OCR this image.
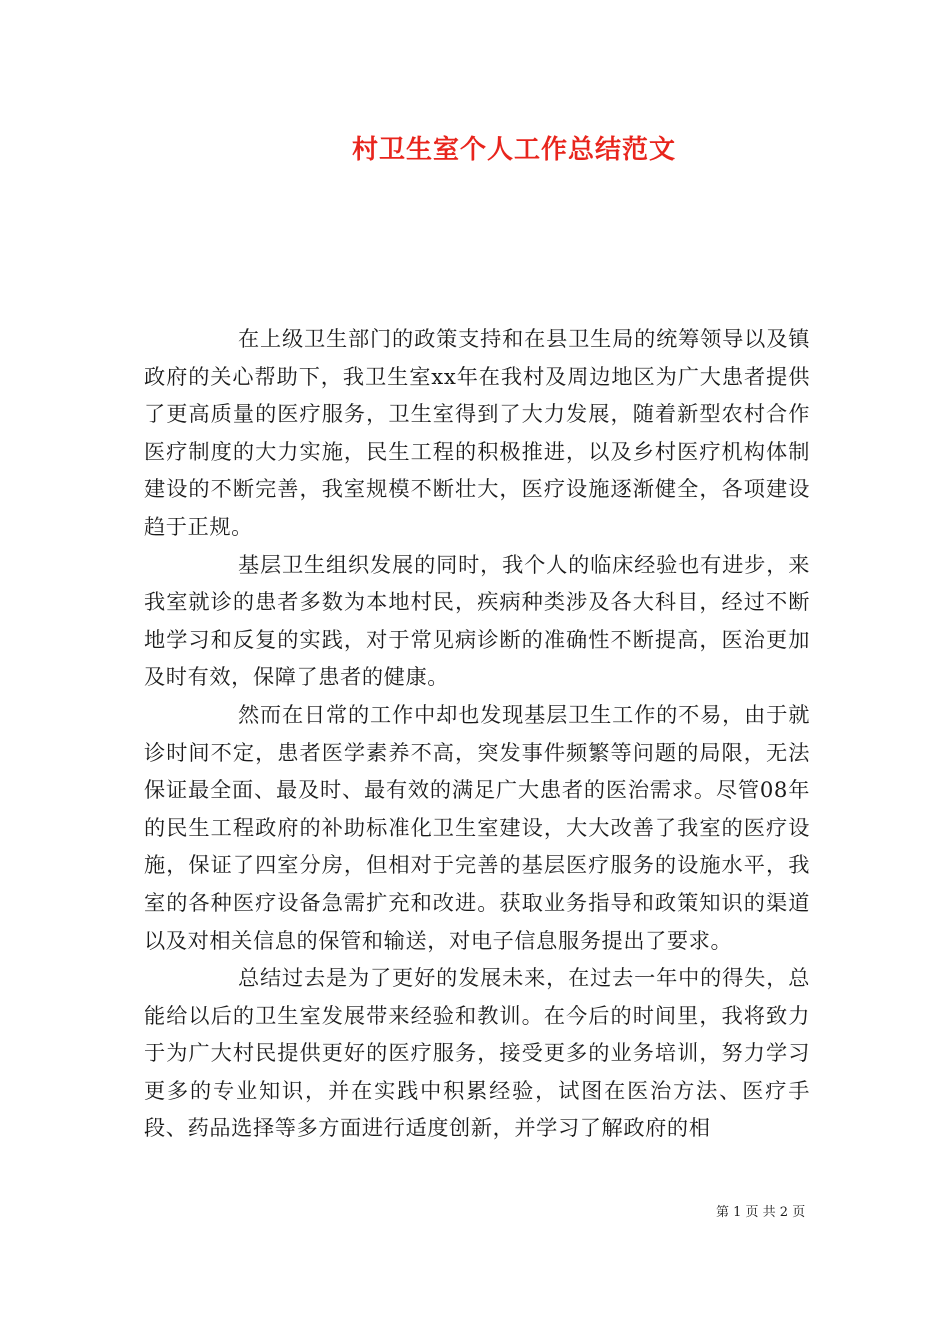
村卫生室个人工作总结范文

在上级卫生部门的政策支持和在县卫生局的统筹领导以及镇政府的关心帮助下，我卫生室xx年在我村及周边地区为广大患者提供了更高质量的医疗服务，卫生室得到了大力发展，随着新型农村合作医疗制度的大力实施，民生工程的积极推进，以及乡村医疗机构体制建设的不断完善，我室规模不断壮大，医疗设施逐渐健全，各项建设趋于正规。

基层卫生组织发展的同时，我个人的临床经验也有进步，来我室就诊的患者多数为本地村民，疾病种类涉及各大科目，经过不断地学习和反复的实践，对于常见病诊断的准确性不断提高，医治更加及时有效，保障了患者的健康。

然而在日常的工作中却也发现基层卫生工作的不易，由于就诊时间不定，患者医学素养不高，突发事件频繁等问题的局限，无法保证最全面、最及时、最有效的满足广大患者的医治需求。尽管08年的民生工程政府的补助标准化卫生室建设，大大改善了我室的医疗设施，保证了四室分房，但相对于完善的基层医疗服务的设施水平，我室的各种医疗设备急需扩充和改进。获取业务指导和政策知识的渠道以及对相关信息的保管和输送，对电子信息服务提出了要求。

总结过去是为了更好的发展未来，在过去一年中的得失，总能给以后的卫生室发展带来经验和教训。在今后的时间里，我将致力于为广大村民提供更好的医疗服务，接受更多的业务培训，努力学习更多的专业知识，并在实践中积累经验，试图在医治方法、医疗手段、药品选择等多方面进行适度创新，并学习了解政府的相

第 1 页 共 2 页
